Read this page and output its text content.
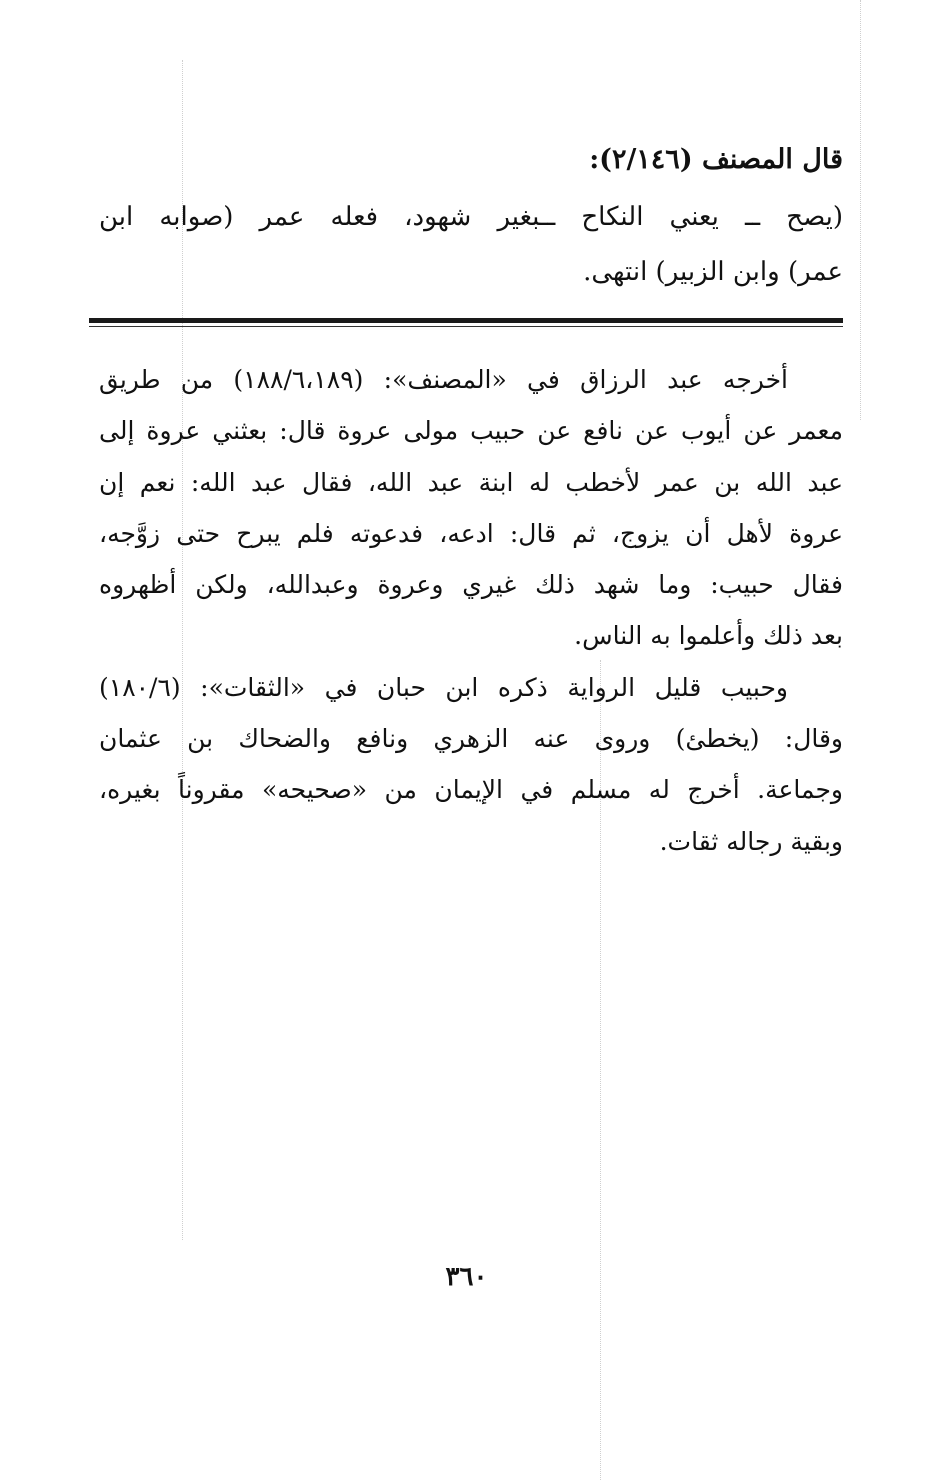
قال المصنف (٢/١٤٦):
(يصح ــ يعني النكاح ــبغير شهود، فعله عمر (صوابه ابن
عمر) وابن الزبير) انتهى.
أخرجه عبد الرزاق في «المصنف»: (١٨٨/٦،١٨٩) من طريق
معمر عن أيوب عن نافع عن حبيب مولى عروة قال: بعثني عروة إلى
عبد الله بن عمر لأخطب له ابنة عبد الله، فقال عبد الله: نعم إن
عروة لأهل أن يزوج، ثم قال: ادعه، فدعوته فلم يبرح حتى زوَّجه،
فقال حبيب: وما شهد ذلك غيري وعروة وعبدالله، ولكن أظهروه
بعد ذلك وأعلموا به الناس.
وحبيب قليل الرواية ذكره ابن حبان في «الثقات»: (١٨٠/٦)
وقال: (يخطئ) وروى عنه الزهري ونافع والضحاك بن عثمان
وجماعة. أخرج له مسلم في الإيمان من «صحيحه» مقروناً بغيره،
وبقية رجاله ثقات.
٣٦٠
